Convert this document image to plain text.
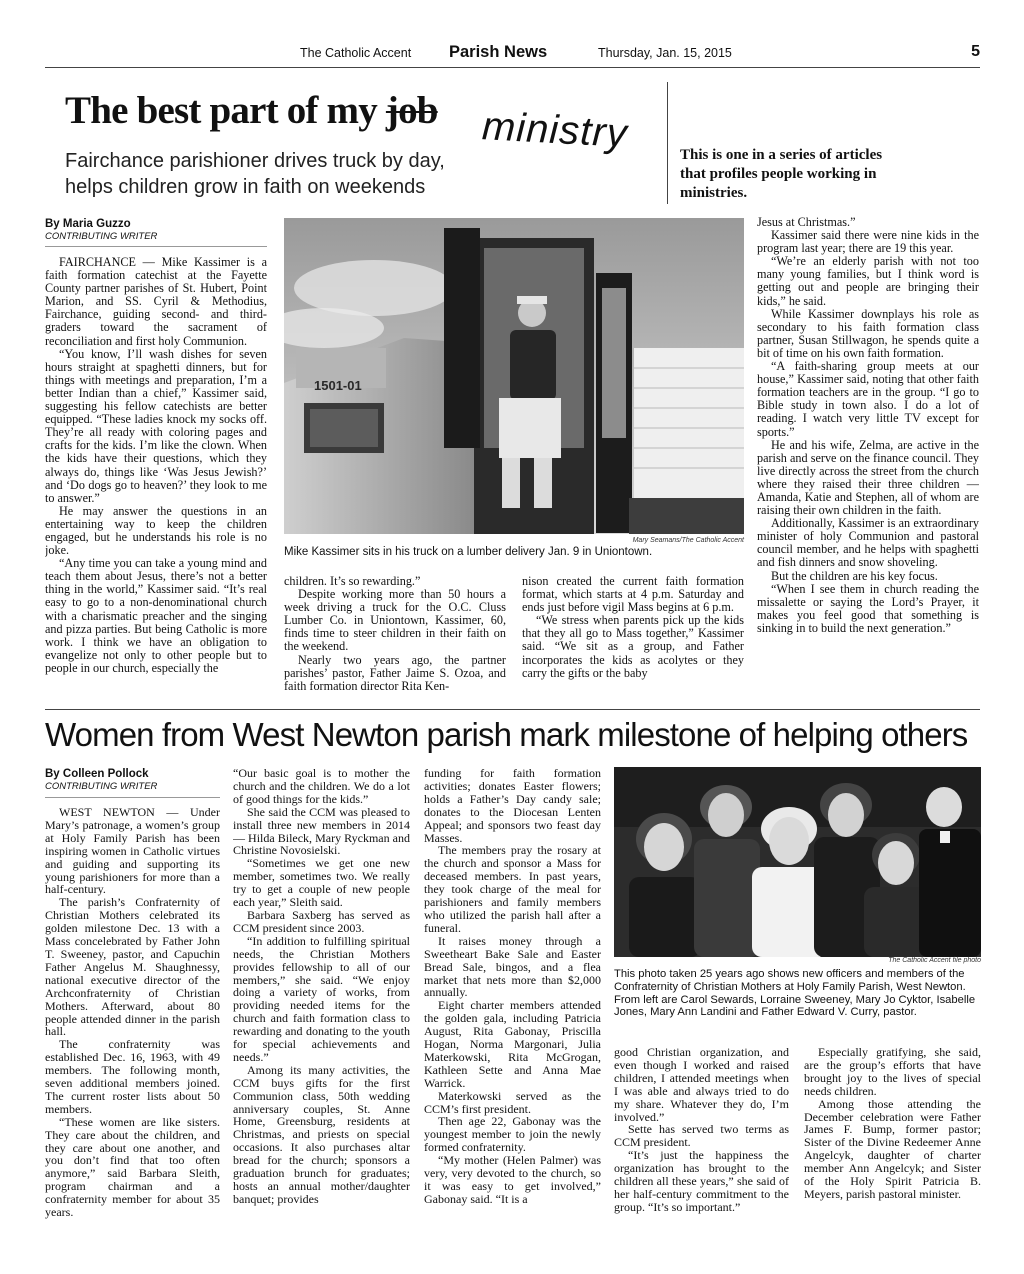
The Catholic Accent Parish News	Thursday, Jan. 15, 2015	5
The best part of my job	ministry
Fairchance parishioner drives truck by day,
helps children grow in faith on weekends
This is one in a series of articles that profiles people working in ministries.
By Maria Guzzo
CONTRIBUTING WRITER
1501-01
Mary Seamans/The Catholic Accent
Mike Kassimer sits in his truck on a lumber delivery Jan. 9 in Uniontown.

FAIRCHANCE — Mike Kassimer is a faith formation catechist at the Fayette County partner parishes of St. Hubert, Point Marion, and SS. Cyril & Methodius, Fairchance, guiding second- and third-graders toward the sacrament of reconciliation and first holy Communion.

“You know, I’ll wash dishes for seven hours straight at spaghetti dinners, but for things with meetings and preparation, I’m a better Indian than a chief,” Kassimer said, suggesting his fellow catechists are better equipped. “These ladies knock my socks off. They’re all ready with coloring pages and crafts for the kids. I’m like the clown. When the kids have their questions, which they always do, things like ‘Was Jesus Jewish?’ and ‘Do dogs go to heaven?’ they look to me to answer.”

He may answer the questions in an entertaining way to keep the children engaged, but he understands his role is no joke.

“Any time you can take a young mind and teach them about Jesus, there’s not a better thing in the world,” Kassimer said. “It’s real easy to go to a non-denominational church with a charismatic preacher and the singing and pizza parties. But being Catholic is more work. I think we have an obligation to evangelize not only to other people but to people in our church, especially the

children. It’s so rewarding.”

Despite working more than 50 hours a week driving a truck for the O.C. Cluss Lumber Co. in Uniontown, Kassimer, 60, finds time to steer children in their faith on the weekend.

Nearly two years ago, the partner parishes’ pastor, Father Jaime S. Ozoa, and faith formation director Rita Ken-

nison created the current faith formation format, which starts at 4 p.m. Saturday and ends just before vigil Mass begins at 6 p.m.

“We stress when parents pick up the kids that they all go to Mass together,” Kassimer said. “We sit as a group, and Father incorporates the kids as acolytes or they carry the gifts or the baby

Jesus at Christmas.”

Kassimer said there were nine kids in the program last year; there are 19 this year.

“We’re an elderly parish with not too many young families, but I think word is getting out and people are bringing their kids,” he said.

While Kassimer downplays his role as secondary to his faith formation class partner, Susan Stillwagon, he spends quite a bit of time on his own faith formation.

“A faith-sharing group meets at our house,” Kassimer said, noting that other faith formation teachers are in the group. “I go to Bible study in town also. I do a lot of reading. I watch very little TV except for sports.”

He and his wife, Zelma, are active in the parish and serve on the finance council. They live directly across the street from the church where they raised their three children — Amanda, Katie and Stephen, all of whom are raising their own children in the faith.

Additionally, Kassimer is an extraordinary minister of holy Communion and pastoral council member, and he helps with spaghetti and fish dinners and snow shoveling.

But the children are his key focus.

“When I see them in church reading the missalette or saying the Lord’s Prayer, it makes you feel good that something is sinking in to build the next generation.”

Women from West Newton parish mark milestone of helping others
By Colleen Pollock
CONTRIBUTING WRITER

WEST NEWTON — Under Mary’s patronage, a women’s group at Holy Family Parish has been inspiring women in Catholic virtues and guiding and supporting its young parishioners for more than a half-century.

The parish’s Confraternity of Christian Mothers celebrated its golden milestone Dec. 13 with a Mass concelebrated by Father John T. Sweeney, pastor, and Capuchin Father Angelus M. Shaughnessy, national executive director of the Archconfraternity of Christian Mothers. Afterward, about 80 people attended dinner in the parish hall.

The confraternity was established Dec. 16, 1963, with 49 members. The following month, seven additional members joined. The current roster lists about 50 members.

“These women are like sisters. They care about the children, and they care about one another, and you don’t find that too often anymore,” said Barbara Sleith, program chairman and a confraternity member for about 35 years.

“Our basic goal is to mother the church and the children. We do a lot of good things for the kids.”

She said the CCM was pleased to install three new members in 2014 — Hilda Bileck, Mary Ryckman and Christine Novosielski.

“Sometimes we get one new member, sometimes two. We really try to get a couple of new people each year,” Sleith said.

Barbara Saxberg has served as CCM president since 2003.

“In addition to fulfilling spiritual needs, the Christian Mothers provides fellowship to all of our members,” she said. “We enjoy doing a variety of works, from providing needed items for the church and faith formation class to rewarding and donating to the youth for special achievements and needs.”

Among its many activities, the CCM buys gifts for the first Communion class, 50th wedding anniversary couples, St. Anne Home, Greensburg, residents at Christmas, and priests on special occasions. It also purchases altar bread for the church; sponsors a graduation brunch for graduates; hosts an annual mother/daughter banquet; provides

funding for faith formation activities; donates Easter flowers; holds a Father’s Day candy sale; donates to the Diocesan Lenten Appeal; and sponsors two feast day Masses.

The members pray the rosary at the church and sponsor a Mass for deceased members. In past years, they took charge of the meal for parishioners and family members who utilized the parish hall after a funeral.

It raises money through a Sweetheart Bake Sale and Easter Bread Sale, bingos, and a flea market that nets more than $2,000 annually.

Eight charter members attended the golden gala, including Patricia August, Rita Gabonay, Priscilla Hogan, Norma Margonari, Julia Materkowski, Rita McGrogan, Kathleen Sette and Anna Mae Warrick.

Materkowski served as the CCM’s first president.

Then age 22, Gabonay was the youngest member to join the newly formed confraternity.

“My mother (Helen Palmer) was very, very devoted to the church, so it was easy to get involved,” Gabonay said. “It is a

The Catholic Accent file photo
This photo taken 25 years ago shows new officers and members of the Confraternity of Christian Mothers at Holy Family Parish, West Newton. From left are Carol Sewards, Lorraine Sweeney, Mary Jo Cyktor, Isabelle Jones, Mary Ann Landini and Father Edward V. Curry, pastor.

good Christian organization, and even though I worked and raised children, I attended meetings when I was able and always tried to do my share. Whatever they do, I’m involved.”

Sette has served two terms as CCM president.

“It’s just the happiness the organization has brought to the children all these years,” she said of her half-century commitment to the group. “It’s so important.”

Especially gratifying, she said, are the group’s efforts that have brought joy to the lives of special needs children.

Among those attending the December celebration were Father James F. Bump, former pastor; Sister of the Divine Redeemer Anne Angelcyk, daughter of charter member Ann Angelcyk; and Sister of the Holy Spirit Patricia B. Meyers, parish pastoral minister.
